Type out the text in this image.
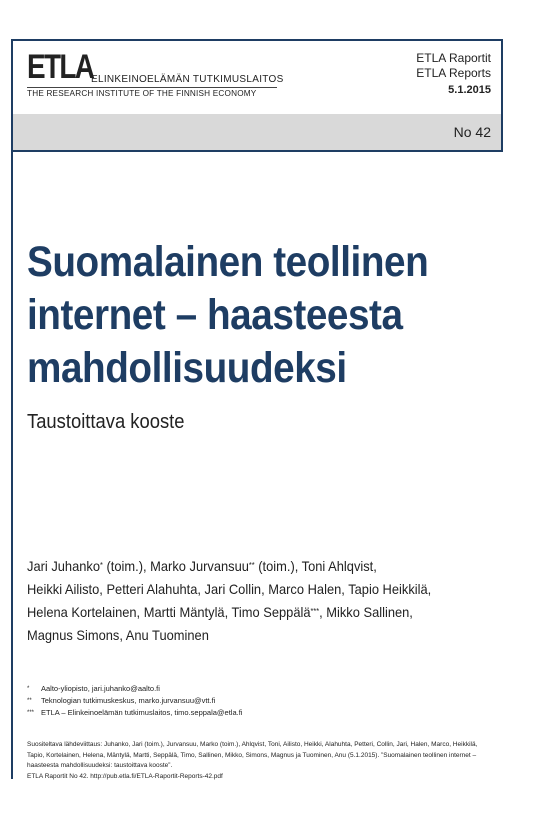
ETLA
ELINKEINOELÄMÄN TUTKIMUSLAITOS
THE RESEARCH INSTITUTE OF THE FINNISH ECONOMY
ETLA Raportit
ETLA Reports
5.1.2015
No 42
Suomalainen teollinen
internet – haasteesta
mahdollisuudeksi
Taustoittava kooste
Jari Juhanko* (toim.), Marko Jurvansuu** (toim.), Toni Ahlqvist,
Heikki Ailisto, Petteri Alahuhta, Jari Collin, Marco Halen, Tapio Heikkilä,
Helena Kortelainen, Martti Mäntylä, Timo Seppälä***, Mikko Sallinen,
Magnus Simons, Anu Tuominen
* Aalto-yliopisto, jari.juhanko@aalto.fi
** Teknologian tutkimuskeskus, marko.jurvansuu@vtt.fi
*** ETLA – Elinkeinoelämän tutkimuslaitos, timo.seppala@etla.fi
Suositeltava lähdeviittaus: Juhanko, Jari (toim.), Jurvansuu, Marko (toim.), Ahlqvist, Toni, Ailisto, Heikki, Alahuhta, Petteri, Collin, Jari, Halen, Marco, Heikkilä, Tapio, Kortelainen, Helena, Mäntylä, Martti, Seppälä, Timo, Sallinen, Mikko, Simons, Magnus ja Tuominen, Anu (5.1.2015). ”Suomalainen teollinen internet – haasteesta mahdollisuudeksi: taustoittava kooste”.
ETLA Raportit No 42. http://pub.etla.fi/ETLA-Raportit-Reports-42.pdf
